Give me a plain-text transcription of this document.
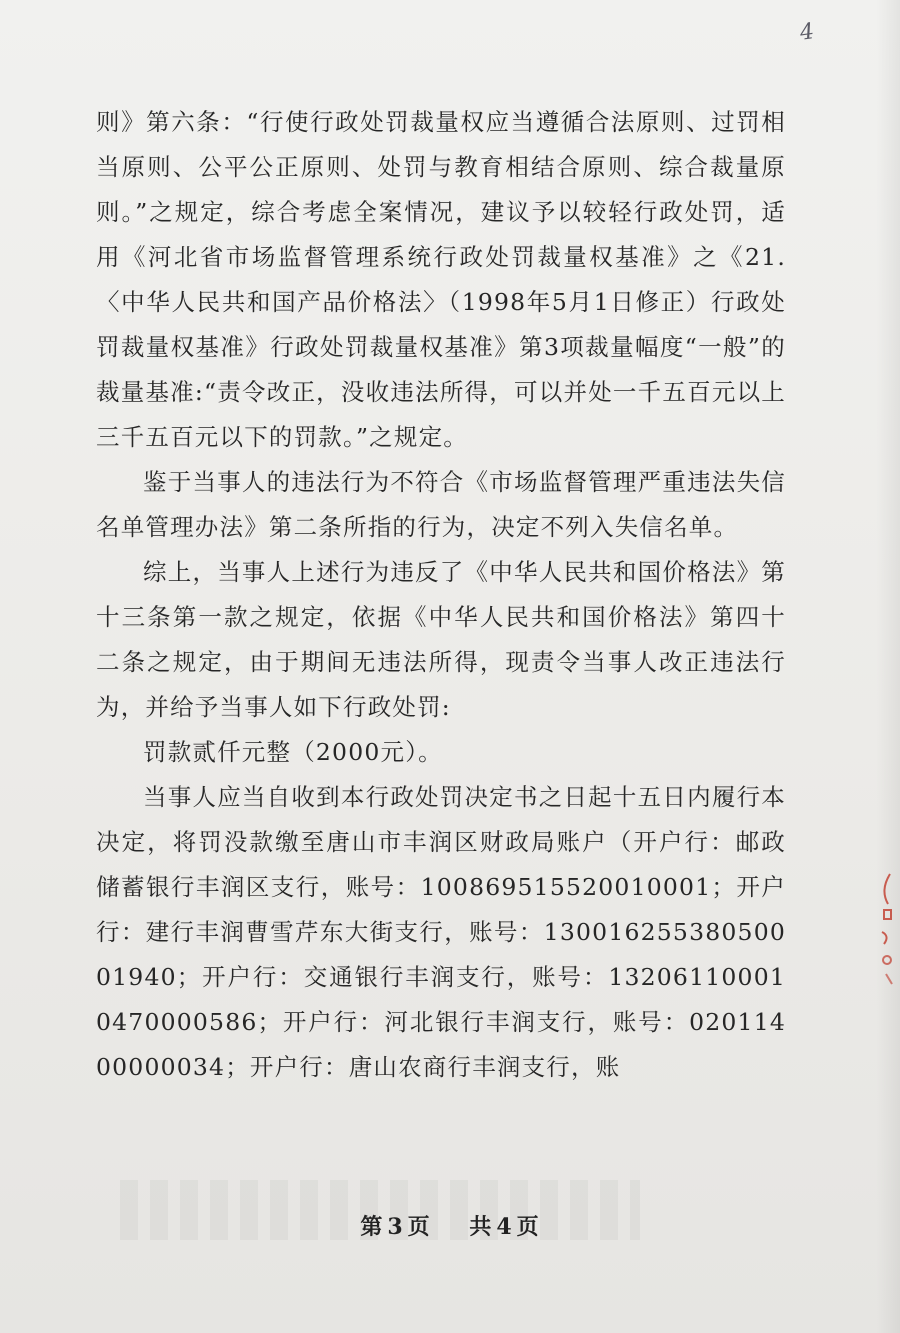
4

则》第六条：“行使行政处罚裁量权应当遵循合法原则、过罚相当原则、公平公正原则、处罚与教育相结合原则、综合裁量原则。”之规定，综合考虑全案情况，建议予以较轻行政处罚，适用《河北省市场监督管理系统行政处罚裁量权基准》之《21.〈中华人民共和国产品价格法〉（1998年5月1日修正）行政处罚裁量权基准》行政处罚裁量权基准》第3项裁量幅度“一般”的裁量基准:“责令改正，没收违法所得，可以并处一千五百元以上三千五百元以下的罚款。”之规定。

鉴于当事人的违法行为不符合《市场监督管理严重违法失信名单管理办法》第二条所指的行为，决定不列入失信名单。

综上，当事人上述行为违反了《中华人民共和国价格法》第十三条第一款之规定，依据《中华人民共和国价格法》第四十二条之规定，由于期间无违法所得，现责令当事人改正违法行为，并给予当事人如下行政处罚:

罚款贰仟元整（2000元）。

当事人应当自收到本行政处罚决定书之日起十五日内履行本决定，将罚没款缴至唐山市丰润区财政局账户（开户行：邮政储蓄银行丰润区支行，账号：100869515520010001；开户行：建行丰润曹雪芹东大街支行，账号：13001625538050001940；开户行：交通银行丰润支行，账号：132061100010470000586；开户行：河北银行丰润支行，账号：02011400000034；开户行：唐山农商行丰润支行，账

第 3 页 共 4 页
